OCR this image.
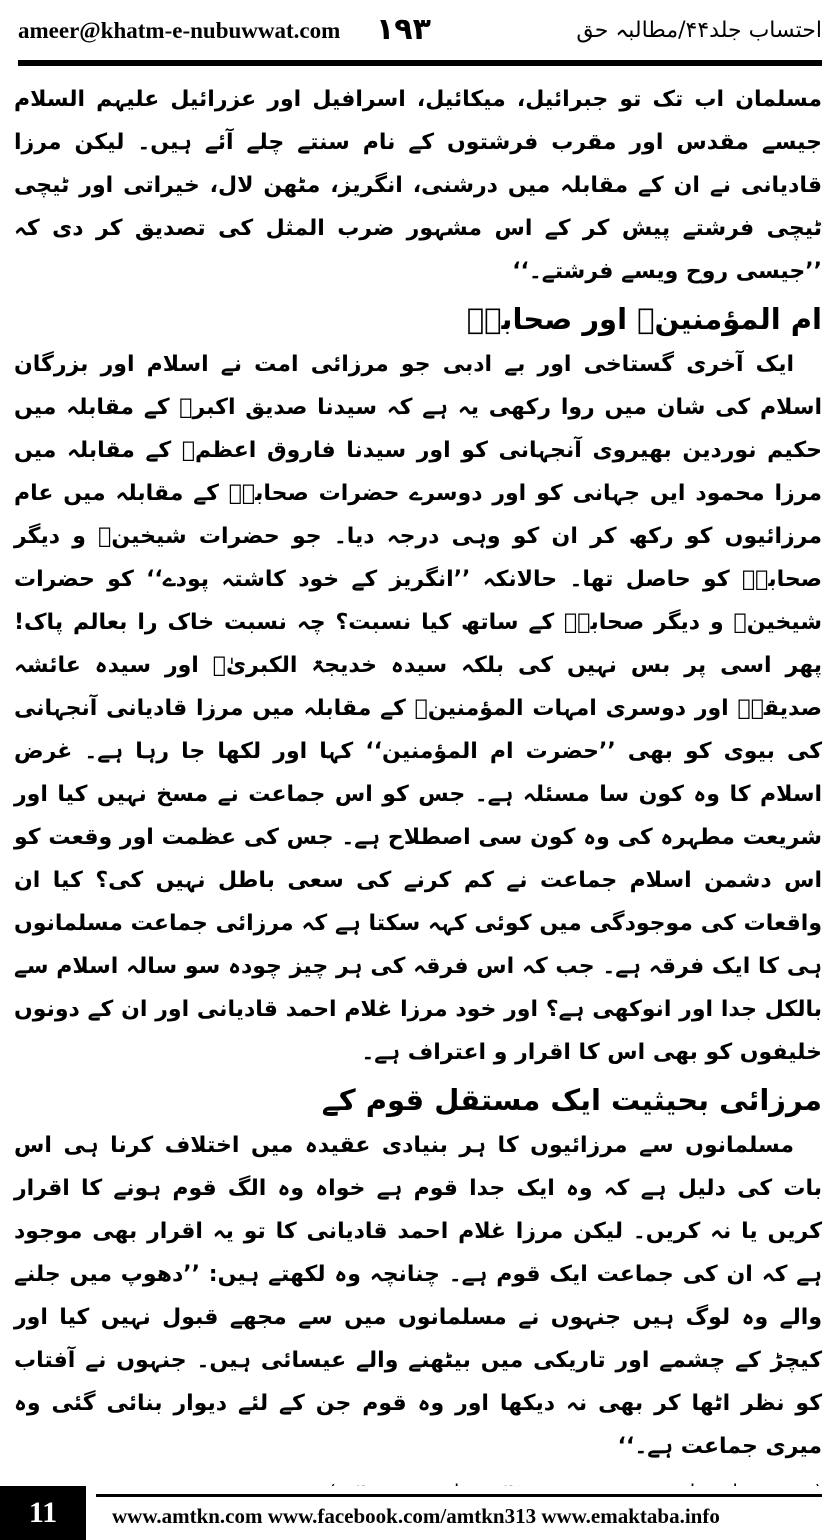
ameer@khatm-e-nubuwwat.com ۱۹۳	احتساب جلد۴۴/مطالبہ حق

مسلمان اب تک تو جبرائیل، میکائیل، اسرافیل اور عزرائیل علیہم السلام جیسے مقدس اور مقرب فرشتوں کے نام سنتے چلے آئے ہیں۔ لیکن مرزا قادیانی نے ان کے مقابلہ میں درشنی، انگریز، مٹھن لال، خیراتی اور ٹیچی ٹیچی فرشتے پیش کر کے اس مشہور ضرب المثل کی تصدیق کر دی کہ ’’جیسی روح ویسے فرشتے۔‘‘

ام المؤمنینؓ اور صحابہؓ

ایک آخری گستاخی اور بے ادبی جو مرزائی امت نے اسلام اور بزرگان اسلام کی شان میں روا رکھی یہ ہے کہ سیدنا صدیق اکبرؓ کے مقابلہ میں حکیم نوردین بھیروی آنجہانی کو اور سیدنا فاروق اعظمؓ کے مقابلہ میں مرزا محمود ایں جہانی کو اور دوسرے حضرات صحابہؓ کے مقابلہ میں عام مرزائیوں کو رکھ کر ان کو وہی درجہ دیا۔ جو حضرات شیخینؓ و دیگر صحابہؓ کو حاصل تھا۔ حالانکہ ’’انگریز کے خود کاشتہ پودے‘‘ کو حضرات شیخینؓ و دیگر صحابہؓ کے ساتھ کیا نسبت؟ چہ نسبت خاک را بعالم پاک! پھر اسی پر بس نہیں کی بلکہ سیدہ خدیجۃ الکبریٰؓ اور سیدہ عائشہ صدیقہؓ اور دوسری امہات المؤمنینؓ کے مقابلہ میں مرزا قادیانی آنجہانی کی بیوی کو بھی ’’حضرت ام المؤمنین‘‘ کہا اور لکھا جا رہا ہے۔ غرض اسلام کا وہ کون سا مسئلہ ہے۔ جس کو اس جماعت نے مسخ نہیں کیا اور شریعت مطہرہ کی وہ کون سی اصطلاح ہے۔ جس کی عظمت اور وقعت کو اس دشمن اسلام جماعت نے کم کرنے کی سعی باطل نہیں کی؟ کیا ان واقعات کی موجودگی میں کوئی کہہ سکتا ہے کہ مرزائی جماعت مسلمانوں ہی کا ایک فرقہ ہے۔ جب کہ اس فرقہ کی ہر چیز چودہ سو سالہ اسلام سے بالکل جدا اور انوکھی ہے؟ اور خود مرزا غلام احمد قادیانی اور ان کے دونوں خلیفوں کو بھی اس کا اقرار و اعتراف ہے۔

مرزائی بحیثیت ایک مستقل قوم کے

مسلمانوں سے مرزائیوں کا ہر بنیادی عقیدہ میں اختلاف کرنا ہی اس بات کی دلیل ہے کہ وہ ایک جدا قوم ہے خواہ وہ الگ قوم ہونے کا اقرار کریں یا نہ کریں۔ لیکن مرزا غلام احمد قادیانی کا تو یہ اقرار بھی موجود ہے کہ ان کی جماعت ایک قوم ہے۔ چنانچہ وہ لکھتے ہیں: ’’دھوپ میں جلنے والے وہ لوگ ہیں جنہوں نے مسلمانوں میں سے مجھے قبول نہیں کیا اور کیچڑ کے چشمے اور تاریکی میں بیٹھنے والے عیسائی ہیں۔ جنہوں نے آفتاب کو نظر اٹھا کر بھی نہ دیکھا اور وہ قوم جن کے لئے دیوار بنائی گئی وہ میری جماعت ہے۔‘‘

11	www.amtkn.com www.facebook.com/amtkn313 www.emaktaba.info
